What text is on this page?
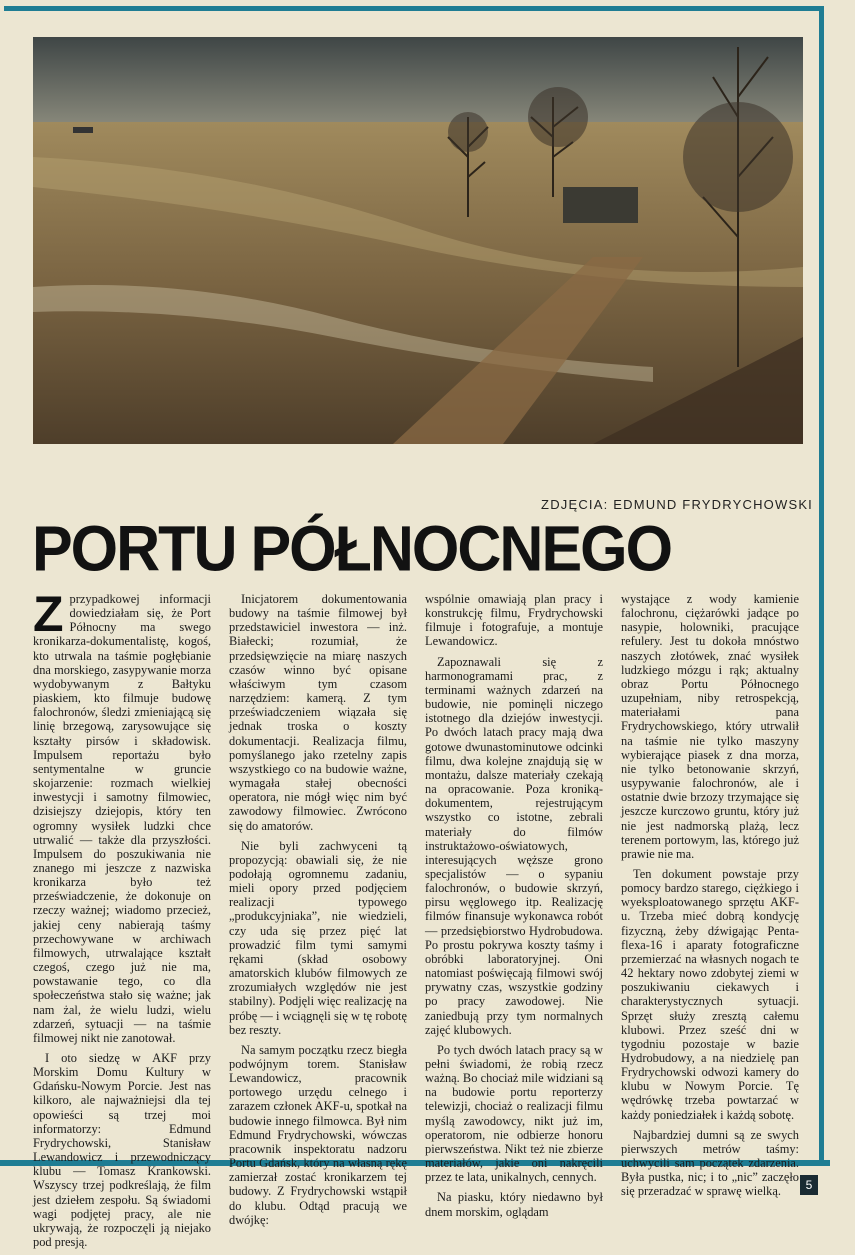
ZDJĘCIA: EDMUND FRYDRYCHOWSKI
PORTU PÓŁNOCNEGO

Zprzypadkowej informacji dowiedziałam się, że Port Północny ma swego kronikarza-dokumentalistę, kogoś, kto utrwala na taśmie pogłębianie dna morskiego, zasypywanie morza wydobywanym z Bałtyku piaskiem, kto filmuje budowę falochronów, śledzi zmieniającą się linię brzegową, zarysowujące się kształty pirsów i składowisk. Impulsem reportażu było sentymentalne w gruncie skojarzenie: rozmach wielkiej inwestycji i samotny filmowiec, dzisiejszy dziejopis, który ten ogromny wysiłek ludzki chce utrwalić — także dla przyszłości. Impulsem do poszukiwania nie znanego mi jeszcze z nazwiska kronikarza było też przeświadczenie, że dokonuje on rzeczy ważnej; wiadomo przecież, jakiej ceny nabierają taśmy przechowywane w archiwach filmowych, utrwalające kształt czegoś, czego już nie ma, powstawanie tego, co dla społeczeństwa stało się ważne; jak nam żal, że wielu ludzi, wielu zdarzeń, sytuacji — na taśmie filmowej nikt nie zanotował.

I oto siedzę w AKF przy Morskim Domu Kultury w Gdańsku-Nowym Porcie. Jest nas kilkoro, ale najważniejsi dla tej opowieści są trzej moi informatorzy: Edmund Frydrychowski, Stanisław Lewandowicz i przewodniczący klubu — Tomasz Krankowski. Wszyscy trzej podkreślają, że film jest dziełem zespołu. Są świadomi wagi podjętej pracy, ale nie ukrywają, że rozpoczęli ją niejako pod presją.

Inicjatorem dokumentowania budowy na taśmie filmowej był przedstawiciel inwestora — inż. Białecki; rozumiał, że przedsięwzięcie na miarę naszych czasów winno być opisane właściwym tym czasom narzędziem: kamerą. Z tym przeświadczeniem wiązała się jednak troska o koszty dokumentacji. Realizacja filmu, pomyślanego jako rzetelny zapis wszystkiego co na budowie ważne, wymagała stałej obecności operatora, nie mógł więc nim być zawodowy filmowiec. Zwrócono się do amatorów.

Nie byli zachwyceni tą propozycją: obawiali się, że nie podołają ogromnemu zadaniu, mieli opory przed podjęciem realizacji typowego „produkcyjniaka”, nie wiedzieli, czy uda się przez pięć lat prowadzić film tymi samymi rękami (skład osobowy amatorskich klubów filmowych ze zrozumiałych względów nie jest stabilny). Podjęli więc realizację na próbę — i wciągnęli się w tę robotę bez reszty.

Na samym początku rzecz biegła podwójnym torem. Stanisław Lewandowicz, pracownik portowego urzędu celnego i zarazem członek AKF-u, spotkał na budowie innego filmowca. Był nim Edmund Frydrychowski, wówczas pracownik inspektoratu nadzoru Portu Gdańsk, który na własną rękę zamierzał zostać kronikarzem tej budowy. Z Frydrychowski wstąpił do klubu. Odtąd pracują we dwójkę:

wspólnie omawiają plan pracy i konstrukcję filmu, Frydrychowski filmuje i fotografuje, a montuje Lewandowicz.

Zapoznawali się z harmonogramami prac, z terminami ważnych zdarzeń na budowie, nie pominęli niczego istotnego dla dziejów inwestycji. Po dwóch latach pracy mają dwa gotowe dwunastominutowe odcinki filmu, dwa kolejne znajdują się w montażu, dalsze materiały czekają na opracowanie. Poza kroniką-dokumentem, rejestrującym wszystko co istotne, zebrali materiały do filmów instruktażowo-oświatowych, interesujących węższe grono specjalistów — o sypaniu falochronów, o budowie skrzyń, pirsu węglowego itp. Realizację filmów finansuje wykonawca robót — przedsiębiorstwo Hydrobudowa. Po prostu pokrywa koszty taśmy i obróbki laboratoryjnej. Oni natomiast poświęcają filmowi swój prywatny czas, wszystkie godziny po pracy zawodowej. Nie zaniedbują przy tym normalnych zajęć klubowych.

Po tych dwóch latach pracy są w pełni świadomi, że robią rzecz ważną. Bo chociaż mile widziani są na budowie portu reporterzy telewizji, chociaż o realizacji filmu myślą zawodowcy, nikt już im, operatorom, nie odbierze honoru pierwszeństwa. Nikt też nie zbierze materiałów, jakie oni nakręcili przez te lata, unikalnych, cennych.

Na piasku, który niedawno był dnem morskim, oglądam

wystające z wody kamienie falochronu, ciężarówki jadące po nasypie, holowniki, pracujące refulery. Jest tu dokoła mnóstwo naszych złotówek, znać wysiłek ludzkiego mózgu i rąk; aktualny obraz Portu Północnego uzupełniam, niby retrospekcją, materiałami pana Frydrychowskiego, który utrwalił na taśmie nie tylko maszyny wybierające piasek z dna morza, nie tylko betonowanie skrzyń, usypywanie falochronów, ale i ostatnie dwie brzozy trzymające się jeszcze kurczowo gruntu, który już nie jest nadmorską plażą, lecz terenem portowym, las, którego już prawie nie ma.

Ten dokument powstaje przy pomocy bardzo starego, ciężkiego i wyeksploatowanego sprzętu AKF-u. Trzeba mieć dobrą kondycję fizyczną, żeby dźwigając Penta-flexa-16 i aparaty fotograficzne przemierzać na własnych nogach te 42 hektary nowo zdobytej ziemi w poszukiwaniu ciekawych i charakterystycznych sytuacji. Sprzęt służy zresztą całemu klubowi. Przez sześć dni w tygodniu pozostaje w bazie Hydrobudowy, a na niedzielę pan Frydrychowski odwozi kamery do klubu w Nowym Porcie. Tę wędrówkę trzeba powtarzać w każdy poniedziałek i każdą sobotę.

Najbardziej dumni są ze swych pierwszych metrów taśmy: uchwycili sam początek zdarzenia. Była pustka, nic; i to „nic” zaczęło się przeradzać w sprawę wielką.	5
